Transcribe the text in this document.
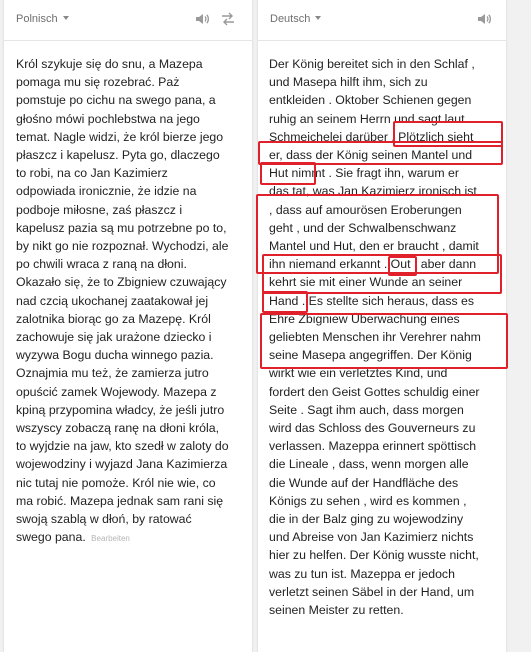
Polnisch

Król szykuje się do snu, a Mazepa
pomaga mu się rozebrać. Paż
pomstuje po cichu na swego pana, a
głośno mówi pochlebstwa na jego
temat. Nagle widzi, że król bierze jego
płaszcz i kapelusz. Pyta go, dlaczego
to robi, na co Jan Kazimierz
odpowiada ironicznie, że idzie na
podboje miłosne, zaś płaszcz i
kapelusz pazia są mu potrzebne po to,
by nikt go nie rozpoznał. Wychodzi, ale
po chwili wraca z raną na dłoni.
Okazało się, że to Zbigniew czuwający
nad czcią ukochanej zaatakował jej
zalotnika biorąc go za Mazepę. Król
zachowuje się jak urażone dziecko i
wyzywa Bogu ducha winnego pazia.
Oznajmia mu też, że zamierza jutro
opuścić zamek Wojewody. Mazepa z
kpiną przypomina władcy, że jeśli jutro
wszyscy zobaczą ranę na dłoni króla,
to wyjdzie na jaw, kto szedł w zaloty do
wojewodziny i wyjazd Jana Kazimierza
nic tutaj nie pomoże. Król nie wie, co
ma robić. Mazepa jednak sam rani się
swoją szablą w dłoń, by ratować
swego pana. Bearbeiten

Deutsch

Der König bereitet sich in den Schlaf ,
und Masepa hilft ihm, sich zu
entkleiden . Oktober Schienen gegen
ruhig an seinem Herrn und sagt laut
Schmeichelei darüber . Plötzlich sieht
er, dass der König seinen Mantel und
Hut nimmt . Sie fragt ihn, warum er
das tat, was Jan Kazimierz ironisch ist
, dass auf amourösen Eroberungen
geht , und der Schwalbenschwanz
Mantel und Hut, den er braucht , damit
ihn niemand erkannt . Out , aber dann
kehrt sie mit einer Wunde an seiner
Hand . Es stellte sich heraus, dass es
Ehre Zbigniew Überwachung eines
geliebten Menschen ihr Verehrer nahm
seine Masepa angegriffen. Der König
wirkt wie ein verletztes Kind, und
fordert den Geist Gottes schuldig einer
Seite . Sagt ihm auch, dass morgen
wird das Schloss des Gouverneurs zu
verlassen. Mazeppa erinnert spöttisch
die Lineale , dass, wenn morgen alle
die Wunde auf der Handfläche des
Königs zu sehen , wird es kommen ,
die in der Balz ging zu wojewodziny
und Abreise von Jan Kazimierz nichts
hier zu helfen. Der König wusste nicht,
was zu tun ist. Mazeppa er jedoch
verletzt seinen Säbel in der Hand, um
seinen Meister zu retten.
